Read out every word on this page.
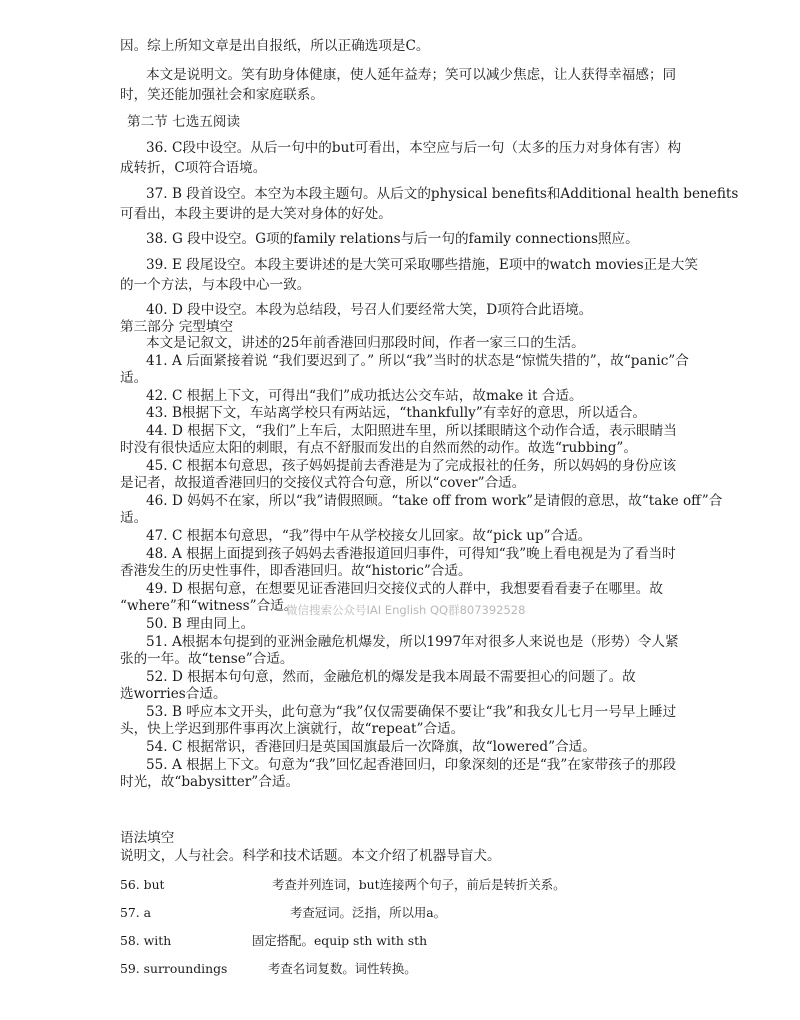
因。综上所知文章是出自报纸，所以正确选项是C。
本文是说明文。笑有助身体健康，使人延年益寿；笑可以减少焦虑，让人获得幸福感；同
时，笑还能加强社会和家庭联系。
第二节 七选五阅读
36. C段中设空。从后一句中的but可看出，本空应与后一句（太多的压力对身体有害）构
成转折，C项符合语境。
37. B 段首设空。本空为本段主题句。从后文的physical benefits和Additional health benefits
可看出，本段主要讲的是大笑对身体的好处。
38. G 段中设空。G项的family relations与后一句的family connections照应。
39. E 段尾设空。本段主要讲述的是大笑可采取哪些措施，E项中的watch movies正是大笑
的一个方法，与本段中心一致。
40. D 段中设空。本段为总结段，号召人们要经常大笑，D项符合此语境。
第三部分 完型填空
本文是记叙文，讲述的25年前香港回归那段时间，作者一家三口的生活。
41. A 后面紧接着说 “我们要迟到了。” 所以“我”当时的状态是“惊慌失措的”，故“panic”合
适。
42. C 根据上下文，可得出“我们”成功抵达公交车站，故make it 合适。
43. B根据下文，车站离学校只有两站远，“thankfully”有幸好的意思，所以适合。
44. D 根据下文，“我们”上车后，太阳照进车里，所以揉眼睛这个动作合适，表示眼睛当
时没有很快适应太阳的刺眼，有点不舒服而发出的自然而然的动作。故选“rubbing”。
45. C 根据本句意思，孩子妈妈提前去香港是为了完成报社的任务，所以妈妈的身份应该
是记者，故报道香港回归的交接仪式符合句意，所以“cover”合适。
46. D 妈妈不在家，所以“我”请假照顾。“take off from work”是请假的意思，故“take off”合
适。
47. C 根据本句意思，“我”得中午从学校接女儿回家。故“pick up”合适。
48. A 根据上面提到孩子妈妈去香港报道回归事件，可得知“我”晚上看电视是为了看当时
香港发生的历史性事件，即香港回归。故“historic”合适。
49. D 根据句意，在想要见证香港回归交接仪式的人群中，我想要看看妻子在哪里。故
“where”和“witness”合适。
微信搜索公众号IAI English QQ群807392528
50. B 理由同上。
51. A根据本句提到的亚洲金融危机爆发，所以1997年对很多人来说也是（形势）令人紧
张的一年。故“tense”合适。
52. D 根据本句句意，然而，金融危机的爆发是我本周最不需要担心的问题了。故
选worries合适。
53. B 呼应本文开头，此句意为“我”仅仅需要确保不要让“我”和我女儿七月一号早上睡过
头，快上学迟到那件事再次上演就行，故“repeat”合适。
54. C 根据常识，香港回归是英国国旗最后一次降旗，故“lowered”合适。
55. A 根据上下文。句意为“我”回忆起香港回归，印象深刻的还是“我”在家带孩子的那段
时光，故“babysitter”合适。
语法填空
说明文，人与社会。科学和技术话题。本文介绍了机器导盲犬。
56. but	考查并列连词，but连接两个句子，前后是转折关系。
57. a	考查冠词。泛指，所以用a。
58. with	固定搭配。equip sth with sth
59. surroundings	考查名词复数。词性转换。
